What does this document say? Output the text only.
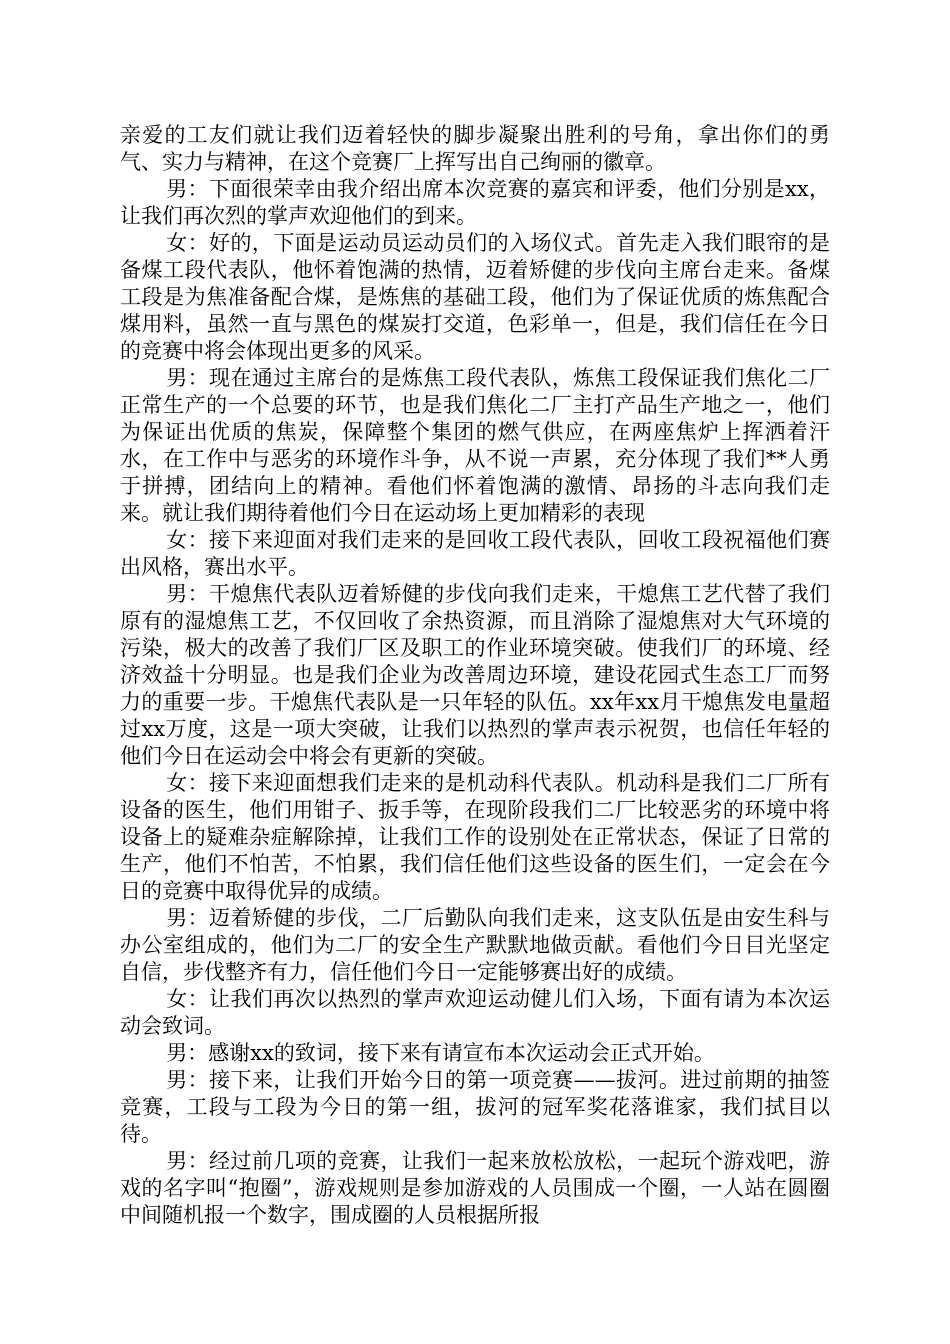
亲爱的工友们就让我们迈着轻快的脚步凝聚出胜利的号角，拿出你们的勇气、实力与精神，在这个竞赛厂上挥写出自己绚丽的徽章。

男：下面很荣幸由我介绍出席本次竞赛的嘉宾和评委，他们分别是xx，让我们再次烈的掌声欢迎他们的到来。

女：好的，下面是运动员运动员们的入场仪式。首先走入我们眼帘的是备煤工段代表队，他怀着饱满的热情，迈着矫健的步伐向主席台走来。备煤工段是为焦准备配合煤，是炼焦的基础工段，他们为了保证优质的炼焦配合煤用料，虽然一直与黑色的煤炭打交道，色彩单一，但是，我们信任在今日的竞赛中将会体现出更多的风采。

男：现在通过主席台的是炼焦工段代表队，炼焦工段保证我们焦化二厂正常生产的一个总要的环节，也是我们焦化二厂主打产品生产地之一，他们为保证出优质的焦炭，保障整个集团的燃气供应，在两座焦炉上挥洒着汗水，在工作中与恶劣的环境作斗争，从不说一声累，充分体现了我们**人勇于拼搏，团结向上的精神。看他们怀着饱满的激情、昂扬的斗志向我们走来。就让我们期待着他们今日在运动场上更加精彩的表现

女：接下来迎面对我们走来的是回收工段代表队，回收工段祝福他们赛出风格，赛出水平。

男：干熄焦代表队迈着矫健的步伐向我们走来，干熄焦工艺代替了我们原有的湿熄焦工艺，不仅回收了余热资源，而且消除了湿熄焦对大气环境的污染，极大的改善了我们厂区及职工的作业环境突破。使我们厂的环境、经济效益十分明显。也是我们企业为改善周边环境，建设花园式生态工厂而努力的重要一步。干熄焦代表队是一只年轻的队伍。xx年xx月干熄焦发电量超过xx万度，这是一项大突破，让我们以热烈的掌声表示祝贺，也信任年轻的他们今日在运动会中将会有更新的突破。

女：接下来迎面想我们走来的是机动科代表队。机动科是我们二厂所有设备的医生，他们用钳子、扳手等，在现阶段我们二厂比较恶劣的环境中将设备上的疑难杂症解除掉，让我们工作的设别处在正常状态，保证了日常的生产，他们不怕苦，不怕累，我们信任他们这些设备的医生们，一定会在今日的竞赛中取得优异的成绩。

男：迈着矫健的步伐，二厂后勤队向我们走来，这支队伍是由安生科与办公室组成的，他们为二厂的安全生产默默地做贡献。看他们今日目光坚定自信，步伐整齐有力，信任他们今日一定能够赛出好的成绩。

女：让我们再次以热烈的掌声欢迎运动健儿们入场，下面有请为本次运动会致词。

男：感谢xx的致词，接下来有请宣布本次运动会正式开始。

男：接下来，让我们开始今日的第一项竞赛——拔河。进过前期的抽签竞赛，工段与工段为今日的第一组，拔河的冠军奖花落谁家，我们拭目以待。

男：经过前几项的竞赛，让我们一起来放松放松，一起玩个游戏吧，游戏的名字叫“抱圈”，游戏规则是参加游戏的人员围成一个圈，一人站在圆圈中间随机报一个数字，围成圈的人员根据所报
